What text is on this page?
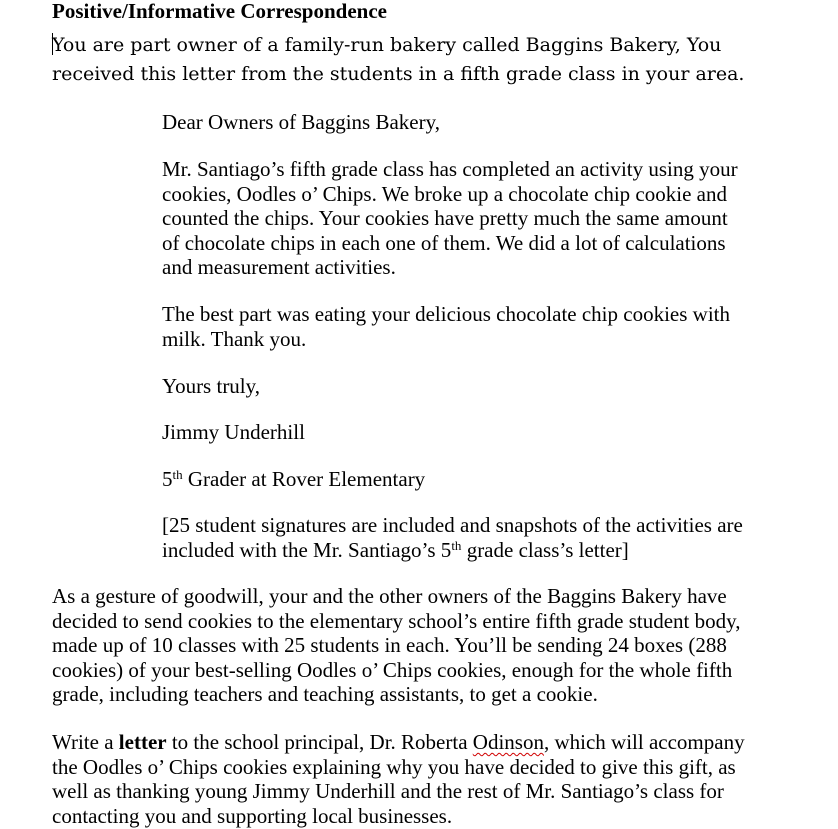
Positive/Informative Correspondence
You are part owner of a family-run bakery called Baggins Bakery, You
received this letter from the students in a fifth grade class in your area.
Dear Owners of Baggins Bakery,
Mr. Santiago’s fifth grade class has completed an activity using your
cookies, Oodles o’ Chips. We broke up a chocolate chip cookie and
counted the chips. Your cookies have pretty much the same amount
of chocolate chips in each one of them. We did a lot of calculations
and measurement activities.
The best part was eating your delicious chocolate chip cookies with
milk. Thank you.
Yours truly,
Jimmy Underhill
5th Grader at Rover Elementary
[25 student signatures are included and snapshots of the activities are
included with the Mr. Santiago’s 5th grade class’s letter]
As a gesture of goodwill, your and the other owners of the Baggins Bakery have
decided to send cookies to the elementary school’s entire fifth grade student body,
made up of 10 classes with 25 students in each. You’ll be sending 24 boxes (288
cookies) of your best-selling Oodles o’ Chips cookies, enough for the whole fifth
grade, including teachers and teaching assistants, to get a cookie.
Write a letter to the school principal, Dr. Roberta Odinson, which will accompany
the Oodles o’ Chips cookies explaining why you have decided to give this gift, as
well as thanking young Jimmy Underhill and the rest of Mr. Santiago’s class for
contacting you and supporting local businesses.
